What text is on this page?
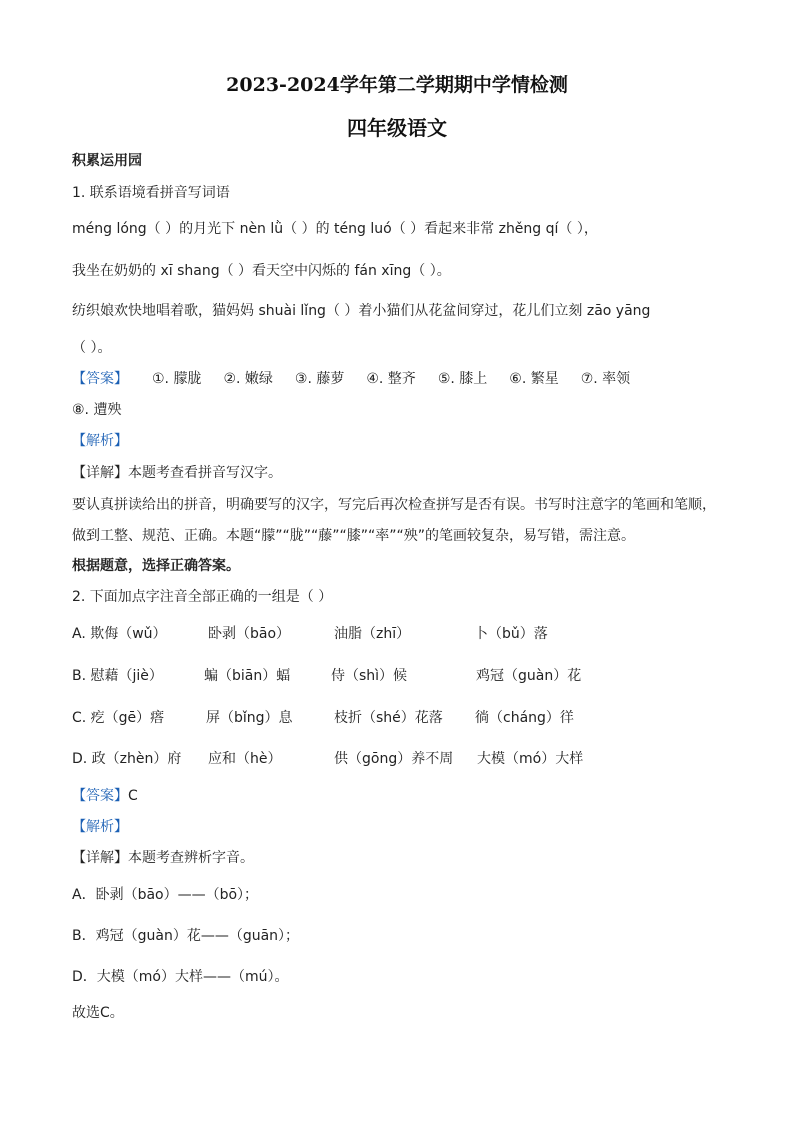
2023-2024学年第二学期期中学情检测
四年级语文
积累运用园
1. 联系语境看拼音写词语
méng lóng（ ）的月光下 nèn lǜ（ ）的 téng luó（ ）看起来非常 zhěng qí（ ），
我坐在奶奶的 xī shang（ ）看天空中闪烁的 fán xīng（ ）。
纺织娘欢快地唱着歌，猫妈妈 shuài lǐng（ ）着小猫们从花盆间穿过，花儿们立刻 zāo yāng
（ ）。
【答案】 ①. 朦胧 ②. 嫩绿 ③. 藤萝 ④. 整齐 ⑤. 膝上 ⑥. 繁星 ⑦. 率领
⑧. 遭殃
【解析】
【详解】本题考查看拼音写汉字。
要认真拼读给出的拼音，明确要写的汉字，写完后再次检查拼写是否有误。书写时注意字的笔画和笔顺，
做到工整、规范、正确。本题“朦”“胧”“藤”“膝”“率”“殃”的笔画较复杂，易写错，需注意。
根据题意，选择正确答案。
2. 下面加点字注音全部正确的一组是（ ）
A. 欺侮（wǔ）	卧剥（bāo）	油脂（zhī）	卜（bǔ）落
B. 慰藉（jiè）	蝙（biān）蝠	侍（shì）候	鸡冠（guàn）花
C. 疙（gē）瘩	屏（bǐng）息	枝折（shé）花落 徜（cháng）徉
D. 政（zhèn）府 应和（hè）	供（gōng）养不周 大模（mó）大样
【答案】C
【解析】
【详解】本题考查辨析字音。
A．卧剥（bāo）——（bō）；
B．鸡冠（guàn）花——（guān）；
D．大模（mó）大样——（mú）。
故选C。
